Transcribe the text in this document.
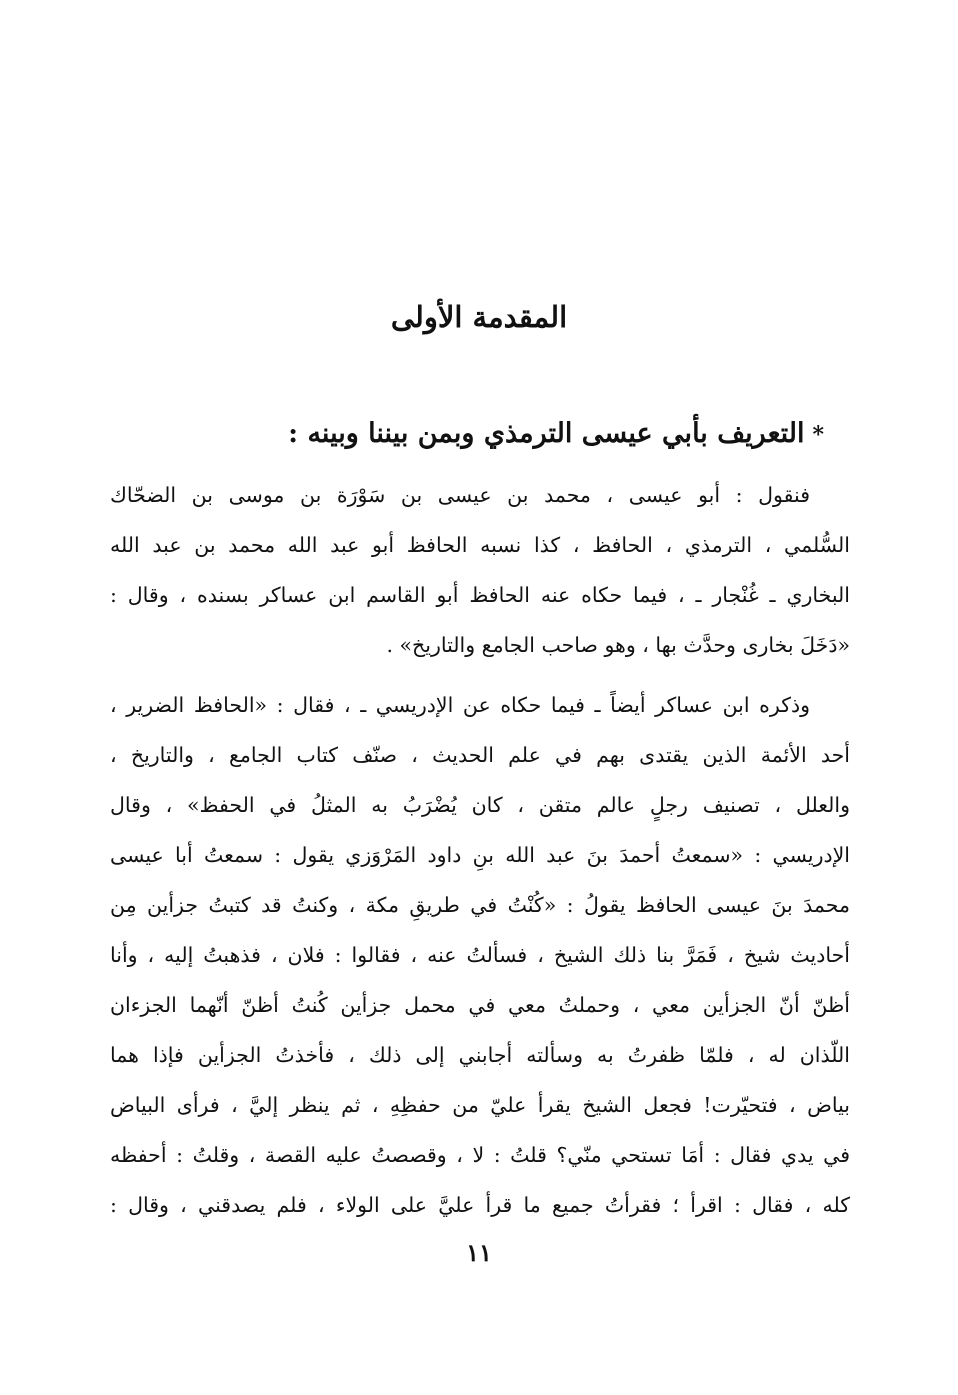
المقدمة الأولى
*التعريف بأبي عيسى الترمذي وبمن بيننا وبينه :
فنقول : أبو عيسى ، محمد بن عيسى بن سَوْرَة بن موسى بن الضحّاك
السُّلمي ، الترمذي ، الحافظ ، كذا نسبه الحافظ أبو عبد الله محمد بن عبد الله
البخاري ـ غُنْجار ـ ، فيما حكاه عنه الحافظ أبو القاسم ابن عساكر بسنده ، وقال :
«دَخَلَ بخارى وحدَّث بها ، وهو صاحب الجامع والتاريخ» .
وذكره ابن عساكر أيضاً ـ فيما حكاه عن الإدريسي ـ ، فقال : «الحافظ الضرير ،
أحد الأئمة الذين يقتدى بهم في علم الحديث ، صنّف كتاب الجامع ، والتاريخ ،
والعلل ، تصنيف رجلٍ عالم متقن ، كان يُضْرَبُ به المثلُ في الحفظ» ، وقال
الإدريسي : «سمعتُ أحمدَ بنَ عبد الله بنِ داود المَرْوَزي يقول : سمعتُ أبا عيسى
محمدَ بنَ عيسى الحافظ يقولُ : «كُنْتُ في طريقِ مكة ، وكنتُ قد كتبتُ جزأين مِن
أحاديث شيخ ، فَمَرَّ بنا ذلك الشيخ ، فسألتُ عنه ، فقالوا : فلان ، فذهبتُ إليه ، وأنا
أظنّ أنّ الجزأين معي ، وحملتُ معي في محمل جزأين كُنتُ أظنّ أنّهما الجزءان
اللّذان له ، فلمّا ظفرتُ به وسألته أجابني إلى ذلك ، فأخذتُ الجزأين فإذا هما
بياض ، فتحيّرت! فجعل الشيخ يقرأ عليّ من حفظِهِ ، ثم ينظر إليَّ ، فرأى البياض
في يدي فقال : أمَا تستحي منّي؟ قلتُ : لا ، وقصصتُ عليه القصة ، وقلتُ : أحفظه
كله ، فقال : اقرأ ؛ فقرأتُ جميع ما قرأ عليَّ على الولاء ، فلم يصدقني ، وقال :
١١
